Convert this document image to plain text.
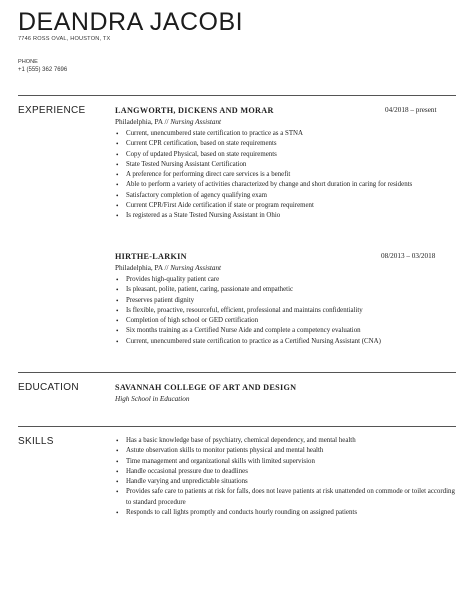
DEANDRA JACOBI
7746 ROSS OVAL, HOUSTON, TX
PHONE
+1 (555) 362 7696
EXPERIENCE	LANGWORTH, DICKENS AND MORAR	04/2018 – present
Philadelphia, PA // Nursing Assistant
• Current, unencumbered state certification to practice as a STNA
• Current CPR certification, based on state requirements
• Copy of updated Physical, based on state requirements
• State Tested Nursing Assistant Certification
• A preference for performing direct care services is a benefit
• Able to perform a variety of activities characterized by change and short duration in caring for residents
• Satisfactory completion of agency qualifying exam
• Current CPR/First Aide certification if state or program requirement
• Is registered as a State Tested Nursing Assistant in Ohio
HIRTHE-LARKIN	08/2013 – 03/2018
Philadelphia, PA // Nursing Assistant
• Provides high-quality patient care
• Is pleasant, polite, patient, caring, passionate and empathetic
• Preserves patient dignity
• Is flexible, proactive, resourceful, efficient, professional and maintains confidentiality
• Completion of high school or GED certification
• Six months training as a Certified Nurse Aide and complete a competency evaluation
• Current, unencumbered state certification to practice as a Certified Nursing Assistant (CNA)
EDUCATION	SAVANNAH COLLEGE OF ART AND DESIGN
High School in Education
SKILLS
•	Has a basic knowledge base of psychiatry, chemical dependency, and mental health
• Astute observation skills to monitor patients physical and mental health
• Time management and organizational skills with limited supervision
• Handle occasional pressure due to deadlines
• Handle varying and unpredictable situations
• Provides safe care to patients at risk for falls, does not leave patients at risk unattended on commode or toilet according to standard procedure
• Responds to call lights promptly and conducts hourly rounding on assigned patients
